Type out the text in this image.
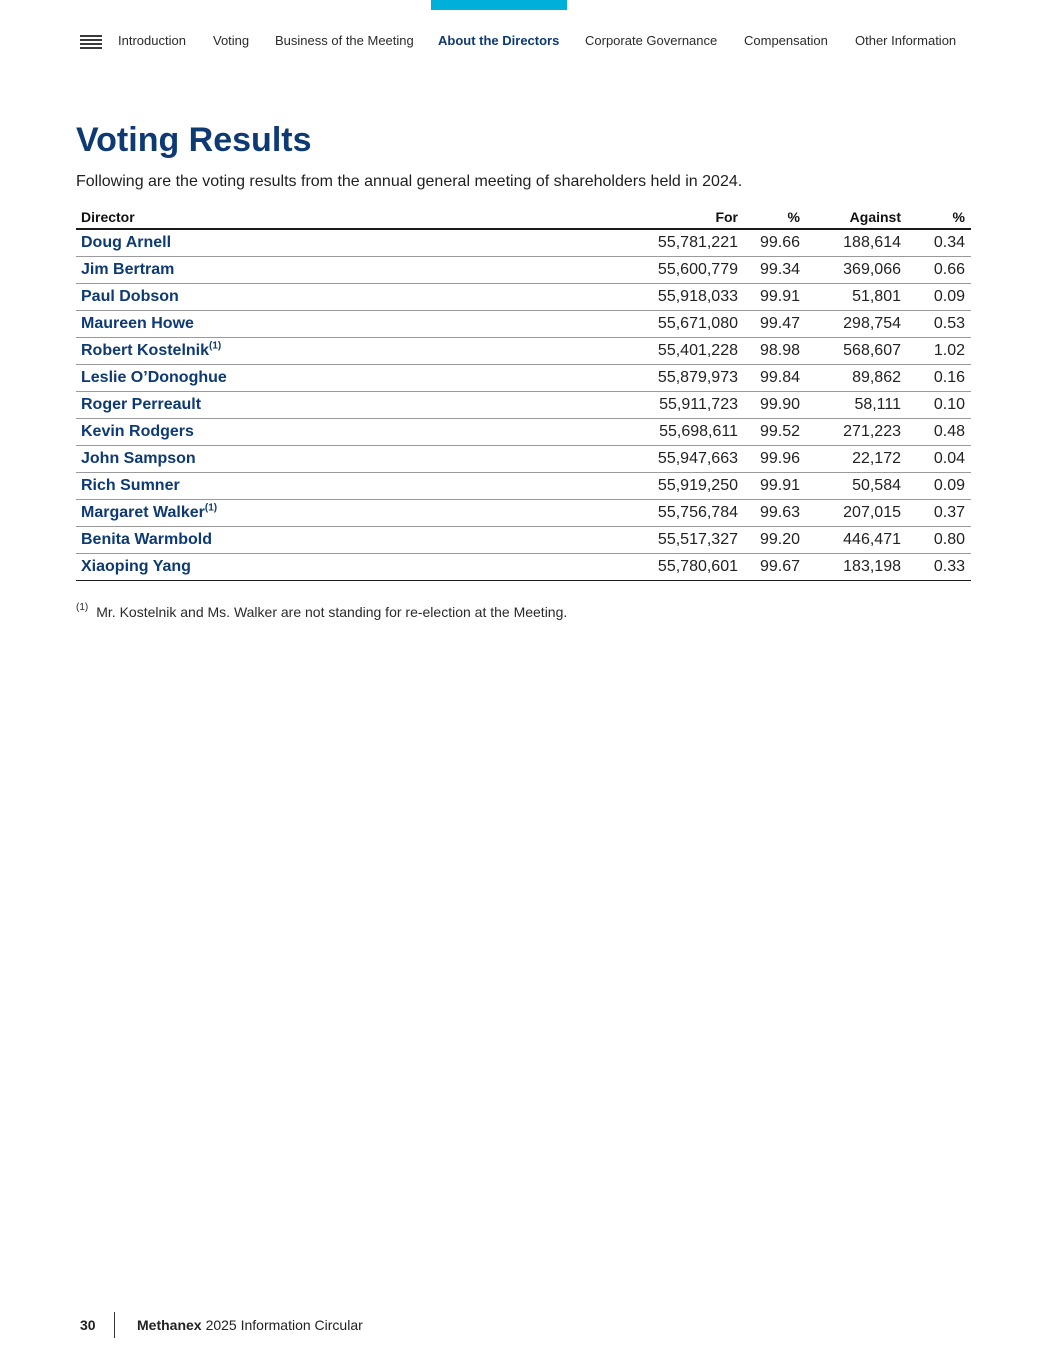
Introduction Voting Business of the Meeting About the Directors Corporate Governance Compensation Other Information
Voting Results

Following are the voting results from the annual general meeting of shareholders held in 2024.

Director	For	%	Against	%
Doug Arnell	55,781,221	99.66	188,614	0.34
Jim Bertram	55,600,779	99.34	369,066	0.66
Paul Dobson	55,918,033	99.91	51,801	0.09
Maureen Howe	55,671,080	99.47	298,754	0.53
Robert Kostelnik$^{(1)}$	55,401,228	98.98	568,607	1.02
Leslie O’Donoghue	55,879,973	99.84	89,862	0.16
Roger Perreault	55,911,723	99.90	58,111	0.10
Kevin Rodgers	55,698,611	99.52	271,223	0.48
John Sampson	55,947,663	99.96	22,172	0.04
Rich Sumner	55,919,250	99.91	50,584	0.09
Margaret Walker$^{(1)}$	55,756,784	99.63	207,015	0.37
Benita Warmbold	55,517,327	99.20	446,471	0.80
Xiaoping Yang	55,780,601	99.67	183,198	0.33
$^{(1)}$ Mr. Kostelnik and Ms. Walker are not standing for re-election at the Meeting.
30	Methanex 2025 Information Circular
